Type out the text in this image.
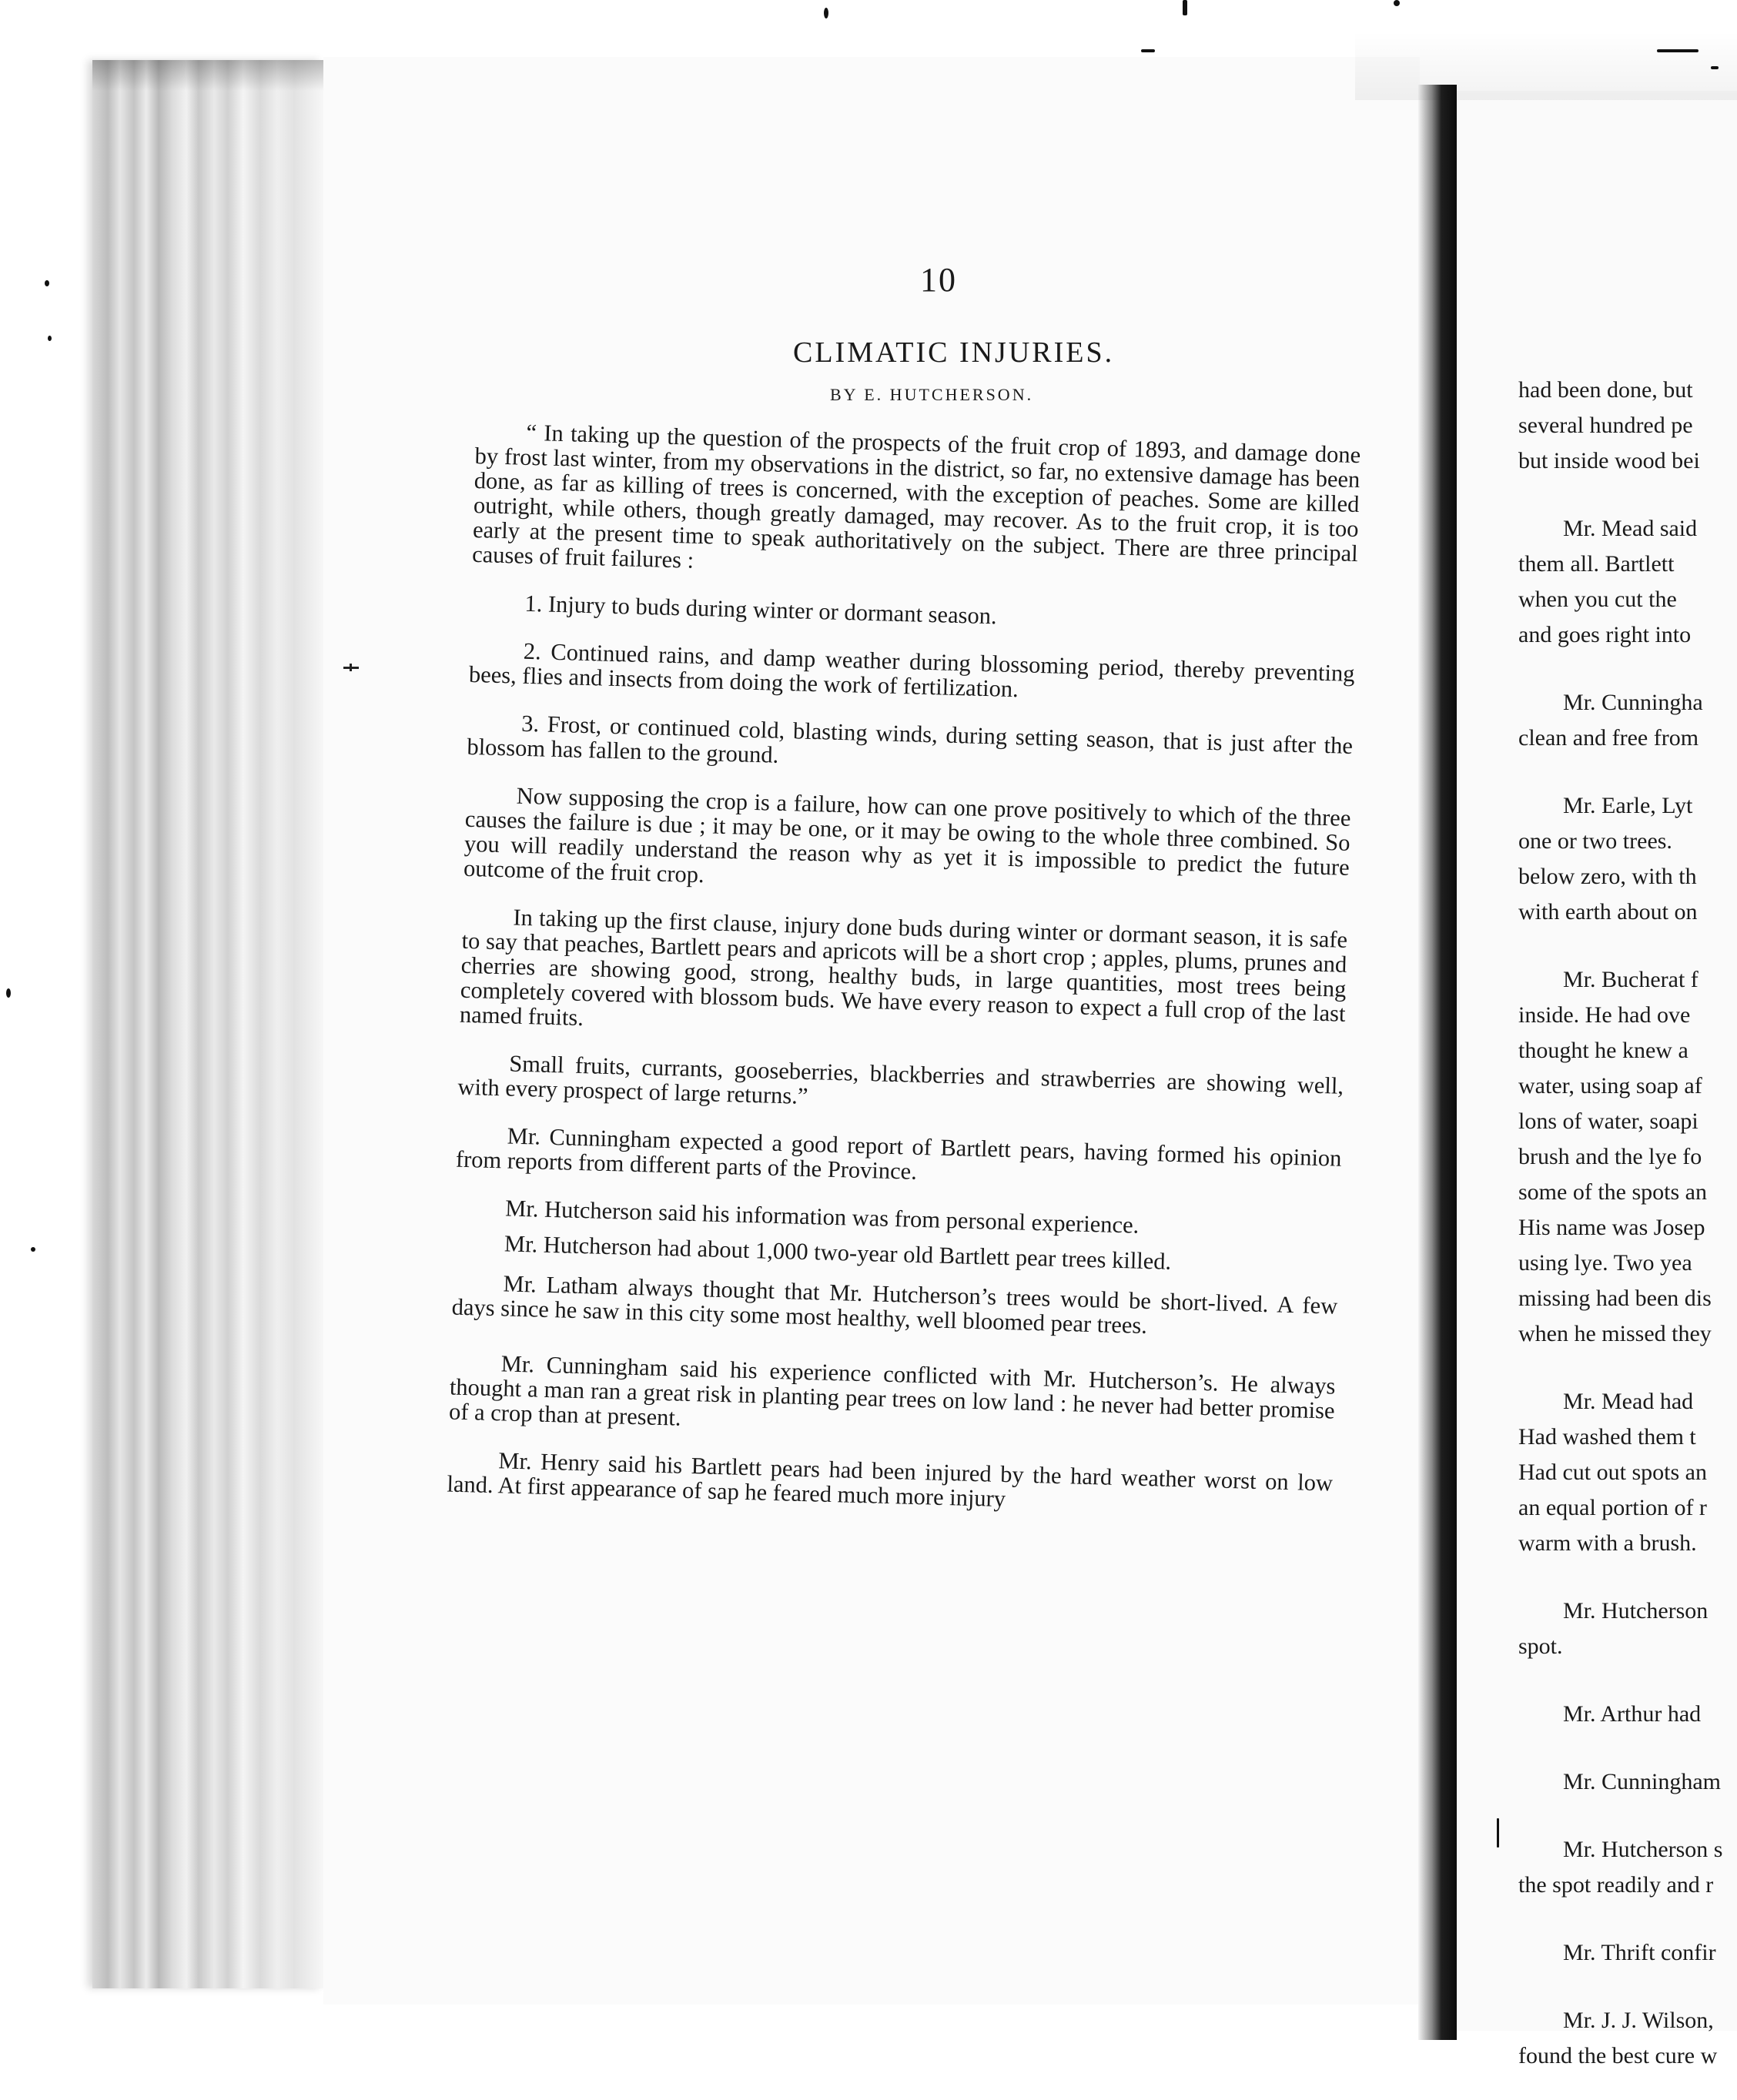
10
CLIMATIC INJURIES.
BY E. HUTCHERSON.

“ In taking up the question of the prospects of the fruit crop of 1893, and damage done by frost last winter, from my observations in the district, so far, no extensive damage has been done, as far as killing of trees is concerned, with the exception of peaches. Some are killed outright, while others, though greatly damaged, may recover. As to the fruit crop, it is too early at the present time to speak authoritatively on the subject. There are three principal causes of fruit failures :

1. Injury to buds during winter or dormant season.

2. Continued rains, and damp weather during blossoming period, thereby preventing bees, flies and insects from doing the work of fertilization.

3. Frost, or continued cold, blasting winds, during setting season, that is just after the blossom has fallen to the ground.

Now supposing the crop is a failure, how can one prove positively to which of the three causes the failure is due ; it may be one, or it may be owing to the whole three combined. So you will readily understand the reason why as yet it is impossible to predict the future outcome of the fruit crop.

In taking up the first clause, injury done buds during winter or dormant season, it is safe to say that peaches, Bartlett pears and apricots will be a short crop ; apples, plums, prunes and cherries are showing good, strong, healthy buds, in large quantities, most trees being completely covered with blossom buds. We have every reason to expect a full crop of the last named fruits.

Small fruits, currants, gooseberries, blackberries and strawberries are showing well, with every prospect of large returns.”

Mr. Cunningham expected a good report of Bartlett pears, having formed his opinion from reports from different parts of the Province.

Mr. Hutcherson said his information was from personal experience.

Mr. Hutcherson had about 1,000 two-year old Bartlett pear trees killed.

Mr. Latham always thought that Mr. Hutcherson’s trees would be short-lived. A few days since he saw in this city some most healthy, well bloomed pear trees.

Mr. Cunningham said his experience conflicted with Mr. Hutcherson’s. He always thought a man ran a great risk in planting pear trees on low land : he never had better promise of a crop than at present.

Mr. Henry said his Bartlett pears had been injured by the hard weather worst on low land. At first appearance of sap he feared much more injury

had been done, but
several hundred pe
but inside wood bei
Mr. Mead said
them all. Bartlett
when you cut the
and goes right into
Mr. Cunningha
clean and free from
Mr. Earle, Lyt
one or two trees.
below zero, with th
with earth about on
Mr. Bucherat f
inside. He had ove
thought he knew a
water, using soap af
lons of water, soapi
brush and the lye fo
some of the spots an
His name was Josep
using lye. Two yea
missing had been dis
when he missed they
Mr. Mead had
Had washed them t
Had cut out spots an
an equal portion of r
warm with a brush.
Mr. Hutcherson
spot.
Mr. Arthur had
Mr. Cunningham
Mr. Hutcherson s
the spot readily and r
Mr. Thrift confir
Mr. J. J. Wilson,
found the best cure w
